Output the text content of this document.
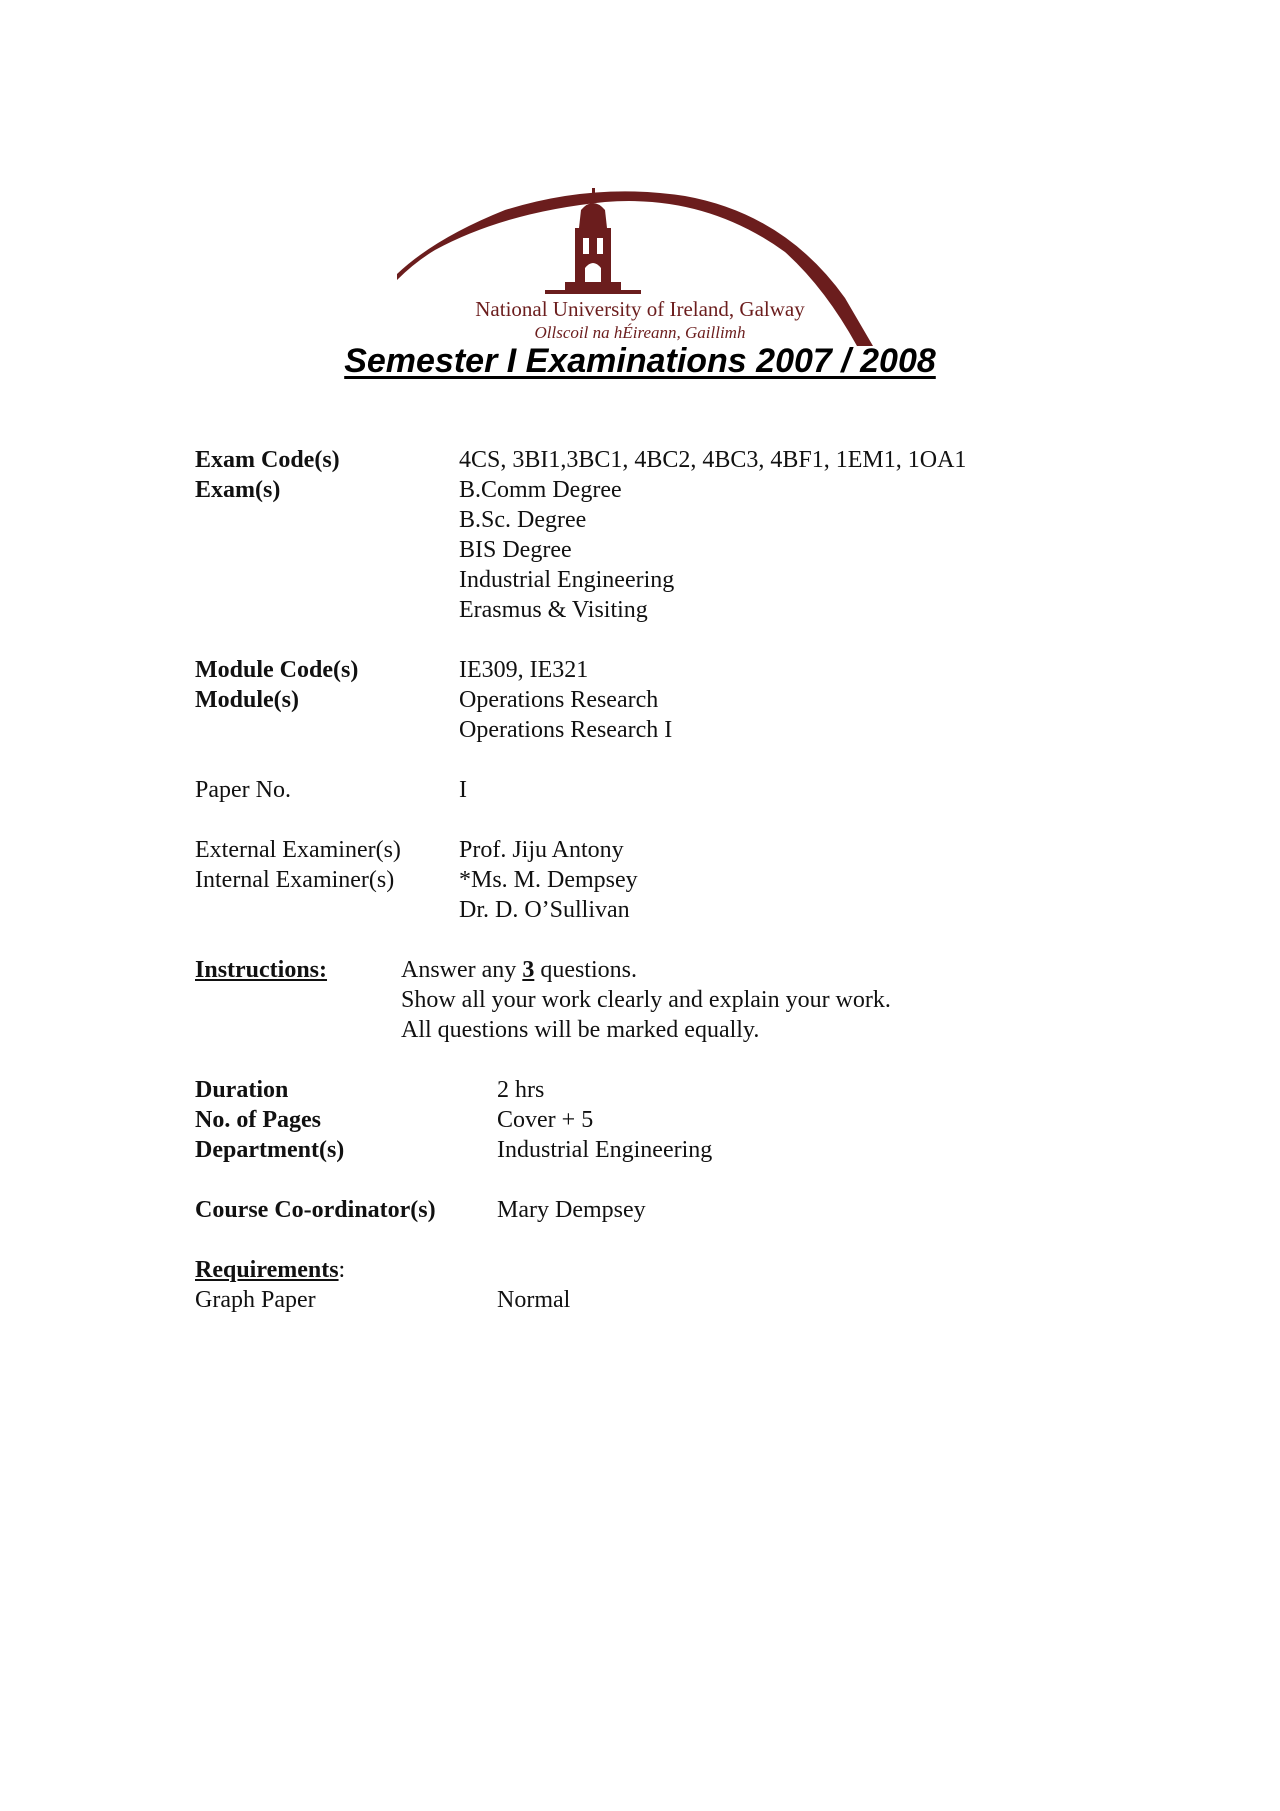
National University of Ireland, Galway
Ollscoil na hÉireann, Gaillimh
Semester I Examinations 2007 / 2008
Exam Code(s)	4CS, 3BI1,3BC1, 4BC2, 4BC3, 4BF1, 1EM1, 1OA1
Exam(s)	B.Comm Degree
B.Sc. Degree
BIS Degree
Industrial Engineering
Erasmus & Visiting
Module Code(s)	IE309, IE321
Module(s)	Operations Research
Operations Research I
Paper No.	I
External Examiner(s) Prof. Jiju Antony
Internal Examiner(s)	*Ms. M. Dempsey
Dr. D. O’Sullivan
Instructions:	Answer any 3 questions.
Show all your work clearly and explain your work.
All questions will be marked equally.
Duration	2 hrs
No. of Pages	Cover + 5
Department(s)	Industrial Engineering
Course Co-ordinator(s)	Mary Dempsey
Requirements:
Graph Paper	Normal
